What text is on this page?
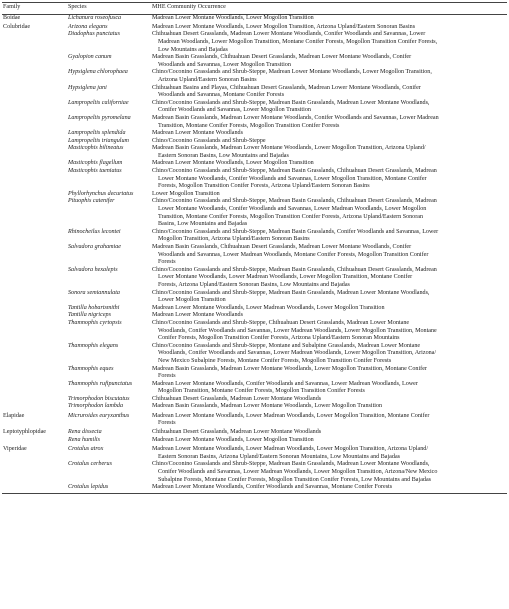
Family	Species	MHE Community Occurrence
Boidae	Lichanura roseofusca	Madrean Lower Montane Woodlands, Lower Mogollon Transition
Colubridae	Arizona elegans	Madrean Lower Montane Woodlands, Lower Mogollon Transition, Arizona Upland/Eastern Sonoran Basins
	Diadophus punctatus	Chihuahuan Desert Grasslands, Madrean Lower Montane Woodlands, Conifer Woodlands and Savannas, Lower
Madrean Woodlands, Lower Mogollon Transition, Montane Conifer Forests, Mogollon Transition Conifer Forests,
Low Mountains and Bajadas

	Gyalopion canum	Madrean Basin Grasslands, Chihuahuan Desert Grasslands, Madrean Lower Montane Woodlands, Conifer
Woodlands and Savannas, Lower Mogollon Transition

	Hypsiglena chlorophaea	Chino/Coconino Grasslands and Shrub-Steppe, Madrean Lower Montane Woodlands, Lower Mogollon Transition,
Arizona Upland/Eastern Sonoran Basins

	Hypsiglena jani	Chihuahuan Basins and Playas, Chihuahuan Desert Grasslands, Madrean Lower Montane Woodlands, Conifer
Woodlands and Savannas, Montane Conifer Forests

	Lampropeltis californiae	Chino/Coconino Grasslands and Shrub-Steppe, Madrean Basin Grasslands, Madrean Lower Montane Woodlands,
Conifer Woodlands and Savannas, Lower Mogollon Transition

	Lampropeltis pyromelana	Madrean Basin Grasslands, Madrean Lower Montane Woodlands, Conifer Woodlands and Savannas, Lower Madrean
Transition, Montane Conifer Forests, Mogollon Transition Conifer Forests

	Lampropeltis splendida	Madrean Lower Montane Woodlands
	Lampropeltis triangulum	Chino/Coconino Grasslands and Shrub-Steppe
	Masticophis bilineatus	Madrean Basin Grasslands, Madrean Lower Montane Woodlands, Lower Mogollon Transition, Arizona Upland/
Eastern Sonoran Basins, Low Mountains and Bajadas

	Masticophis flagellum	Madrean Lower Montane Woodlands, Lower Mogollon Transition
	Masticophis taeniatus	Chino/Coconino Grasslands and Shrub-Steppe, Madrean Basin Grasslands, Chihuahuan Desert Grasslands, Madrean
Lower Montane Woodlands, Conifer Woodlands and Savannas, Lower Mogollon Transition, Montane Conifer
Forests, Mogollon Transition Conifer Forests, Arizona Upland/Eastern Sonoran Basins

	Phyllorhynchus decurtatus	Lower Mogollon Transition
	Pituophis catenifer	Chino/Coconino Grasslands and Shrub-Steppe, Madrean Basin Grasslands, Chihuahuan Desert Grasslands, Madrean
Lower Montane Woodlands, Conifer Woodlands and Savannas, Lower Madrean Woodlands, Lower Mogollon
Transition, Montane Conifer Forests, Mogollon Transition Conifer Forests, Arizona Upland/Eastern Sonoran
Basins, Low Mountains and Bajadas

	Rhinocheilus lecontei	Chino/Coconino Grasslands and Shrub-Steppe, Madrean Basin Grasslands, Conifer Woodlands and Savannas, Lower
Mogollon Transition, Arizona Upland/Eastern Sonoran Basins

	Salvadora grahamiae	Madrean Basin Grasslands, Chihuahuan Desert Grasslands, Madrean Lower Montane Woodlands, Conifer
Woodlands and Savannas, Lower Madrean Woodlands, Montane Conifer Forests, Mogollon Transition Conifer
Forests

	Salvadora hexalepis	Chino/Coconino Grasslands and Shrub-Steppe, Madrean Basin Grasslands, Chihuahuan Desert Grasslands, Madrean
Lower Montane Woodlands, Lower Madrean Woodlands, Lower Mogollon Transition, Montane Conifer
Forests, Arizona Upland/Eastern Sonoran Basins, Low Mountains and Bajadas

	Sonora semiannulata	Chino/Coconino Grasslands and Shrub-Steppe, Madrean Basin Grasslands, Madrean Lower Montane Woodlands,
Lower Mogollon Transition

	Tantilla hobartsmithi	Madrean Lower Montane Woodlands, Lower Madrean Woodlands, Lower Mogollon Transition
	Tantilla nigriceps	Madrean Lower Montane Woodlands
	Thamnophis cyrtopsis	Chino/Coconino Grasslands and Shrub-Steppe, Chihuahuan Desert Grasslands, Madrean Lower Montane
Woodlands, Conifer Woodlands and Savannas, Lower Madrean Woodlands, Lower Mogollon Transition, Montane
Conifer Forests, Mogollon Transition Conifer Forests, Arizona Upland/Eastern Sonoran Mountains

	Thamnophis elegans	Chino/Coconino Grasslands and Shrub-Steppe, Montane and Subalpine Grasslands, Madrean Lower Montane
Woodlands, Conifer Woodlands and Savannas, Lower Madrean Woodlands, Lower Mogollon Transition, Arizona/
New Mexico Subalpine Forests, Montane Conifer Forests, Mogollon Transition Conifer Forests

	Thamnophis eques	Madrean Basin Grasslands, Madrean Lower Montane Woodlands, Lower Mogollon Transition, Montane Conifer
Forests

	Thamnophis rufipunctatus	Madrean Lower Montane Woodlands, Conifer Woodlands and Savannas, Lower Madrean Woodlands, Lower
Mogollon Transition, Montane Conifer Forests, Mogollon Transition Conifer Forests

	Trimorphodon biscutatus	Chihuahuan Desert Grasslands, Madrean Lower Montane Woodlands
	Trimorphodon lambda	Madrean Basin Grasslands, Madrean Lower Montane Woodlands, Lower Mogollon Transition
Elapidae	Micruroides euryxanthus	Madrean Lower Montane Woodlands, Lower Madrean Woodlands, Lower Mogollon Transition, Montane Conifer
Forests

Leptotyphlopidae	Rena dissecta	Chihuahuan Desert Grasslands, Madrean Lower Montane Woodlands
	Rena humilis	Madrean Lower Montane Woodlands, Lower Mogollon Transition
Viperidae	Crotalus atrox	Madrean Lower Montane Woodlands, Lower Madrean Woodlands, Lower Mogollon Transition, Arizona Upland/
Eastern Sonoran Basins, Arizona Upland/Eastern Sonoran Mountains, Low Mountains and Bajadas

	Crotalus cerberus	Chino/Coconino Grasslands and Shrub-Steppe, Madrean Basin Grasslands, Madrean Lower Montane Woodlands,
Conifer Woodlands and Savannas, Lower Madrean Woodlands, Lower Mogollon Transition, Arizona/New Mexico
Subalpine Forests, Montane Conifer Forests, Mogollon Transition Conifer Forests, Low Mountains and Bajadas

	Crotalus lepidus	Madrean Lower Montane Woodlands, Conifer Woodlands and Savannas, Montane Conifer Forests
